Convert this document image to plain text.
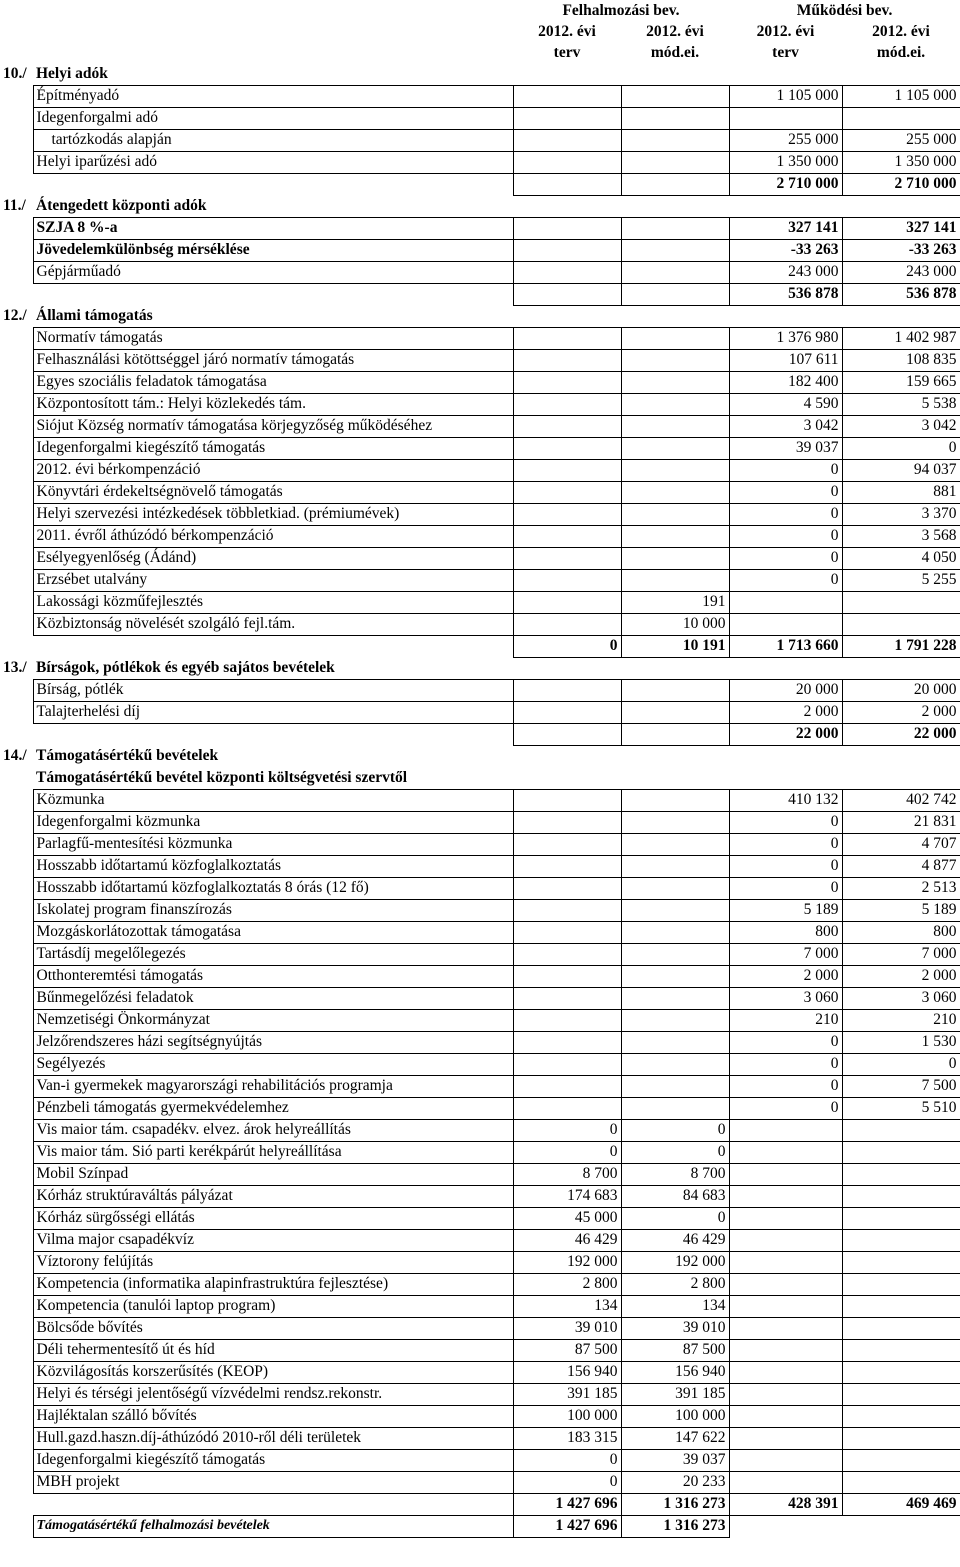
		Felhalmozási bev.		Működési bev.	
		2012. évi	2012. évi	2012. évi	2012. évi
		terv	mód.ei.	terv	mód.ei.
10./	Helyi adók				
	Építményadó			1 105 000	1 105 000
	Idegenforgalmi adó				
	tartózkodás alapján			255 000	255 000
	Helyi iparűzési adó			1 350 000	1 350 000
				2 710 000	2 710 000
11./	Átengedett központi adók				
	SZJA 8 %-a			327 141	327 141
	Jövedelemkülönbség mérséklése			-33 263	-33 263
	Gépjárműadó			243 000	243 000
				536 878	536 878
12./	Állami támogatás				
	Normatív támogatás			1 376 980	1 402 987
	Felhasználási kötöttséggel járó normatív támogatás			107 611	108 835
	Egyes szociális feladatok támogatása			182 400	159 665
	Központosított tám.: Helyi közlekedés tám.			4 590	5 538
	Siójut Község normatív támogatása körjegyzőség működéséhez			3 042	3 042
	Idegenforgalmi kiegészítő támogatás			39 037	0
	2012. évi bérkompenzáció			0	94 037
	Könyvtári érdekeltségnövelő támogatás			0	881
	Helyi szervezési intézkedések többletkiad. (prémiumévek)			0	3 370
	2011. évről áthúzódó bérkompenzáció			0	3 568
	Esélyegyenlőség (Ádánd)			0	4 050
	Erzsébet utalvány			0	5 255
	Lakossági közműfejlesztés		191		
	Közbiztonság növelését szolgáló fejl.tám.		10 000		
		0	10 191	1 713 660	1 791 228
13./	Bírságok, pótlékok és egyéb sajátos bevételek				
	Bírság, pótlék			20 000	20 000
	Talajterhelési díj			2 000	2 000
				22 000	22 000
14./	Támogatásértékű bevételek				
	Támogatásértékű bevétel központi költségvetési szervtől				
	Közmunka			410 132	402 742
	Idegenforgalmi közmunka			0	21 831
	Parlagfű-mentesítési közmunka			0	4 707
	Hosszabb időtartamú közfoglalkoztatás			0	4 877
	Hosszabb időtartamú közfoglalkoztatás 8 órás (12 fő)			0	2 513
	Iskolatej program finanszírozás			5 189	5 189
	Mozgáskorlátozottak támogatása			800	800
	Tartásdíj megelőlegezés			7 000	7 000
	Otthonteremtési támogatás			2 000	2 000
	Bűnmegelőzési feladatok			3 060	3 060
	Nemzetiségi Önkormányzat			210	210
	Jelzőrendszeres házi segítségnyújtás			0	1 530
	Segélyezés			0	0
	Van-i gyermekek magyarországi rehabilitációs programja			0	7 500
	Pénzbeli támogatás gyermekvédelemhez			0	5 510
	Vis maior tám. csapadékv. elvez. árok helyreállítás	0	0		
	Vis maior tám. Sió parti kerékpárút helyreállítása	0	0		
	Mobil Színpad	8 700	8 700		
	Kórház struktúraváltás pályázat	174 683	84 683		
	Kórház sürgősségi ellátás	45 000	0		
	Vilma major csapadékvíz	46 429	46 429		
	Víztorony felújítás	192 000	192 000		
	Kompetencia (informatika alapinfrastruktúra fejlesztése)	2 800	2 800		
	Kompetencia (tanulói laptop program)	134	134		
	Bölcsőde bővítés	39 010	39 010		
	Déli tehermentesítő út és híd	87 500	87 500		
	Közvilágosítás korszerűsítés (KEOP)	156 940	156 940		
	Helyi és térségi jelentőségű vízvédelmi rendsz.rekonstr.	391 185	391 185		
	Hajléktalan szálló bővítés	100 000	100 000		
	Hull.gazd.haszn.díj-áthúzódó 2010-ről déli területek	183 315	147 622		
	Idegenforgalmi kiegészítő támogatás	0	39 037		
	MBH projekt	0	20 233		
		1 427 696	1 316 273	428 391	469 469
	Támogatásértékű felhalmozási bevételek	1 427 696	1 316 273		
